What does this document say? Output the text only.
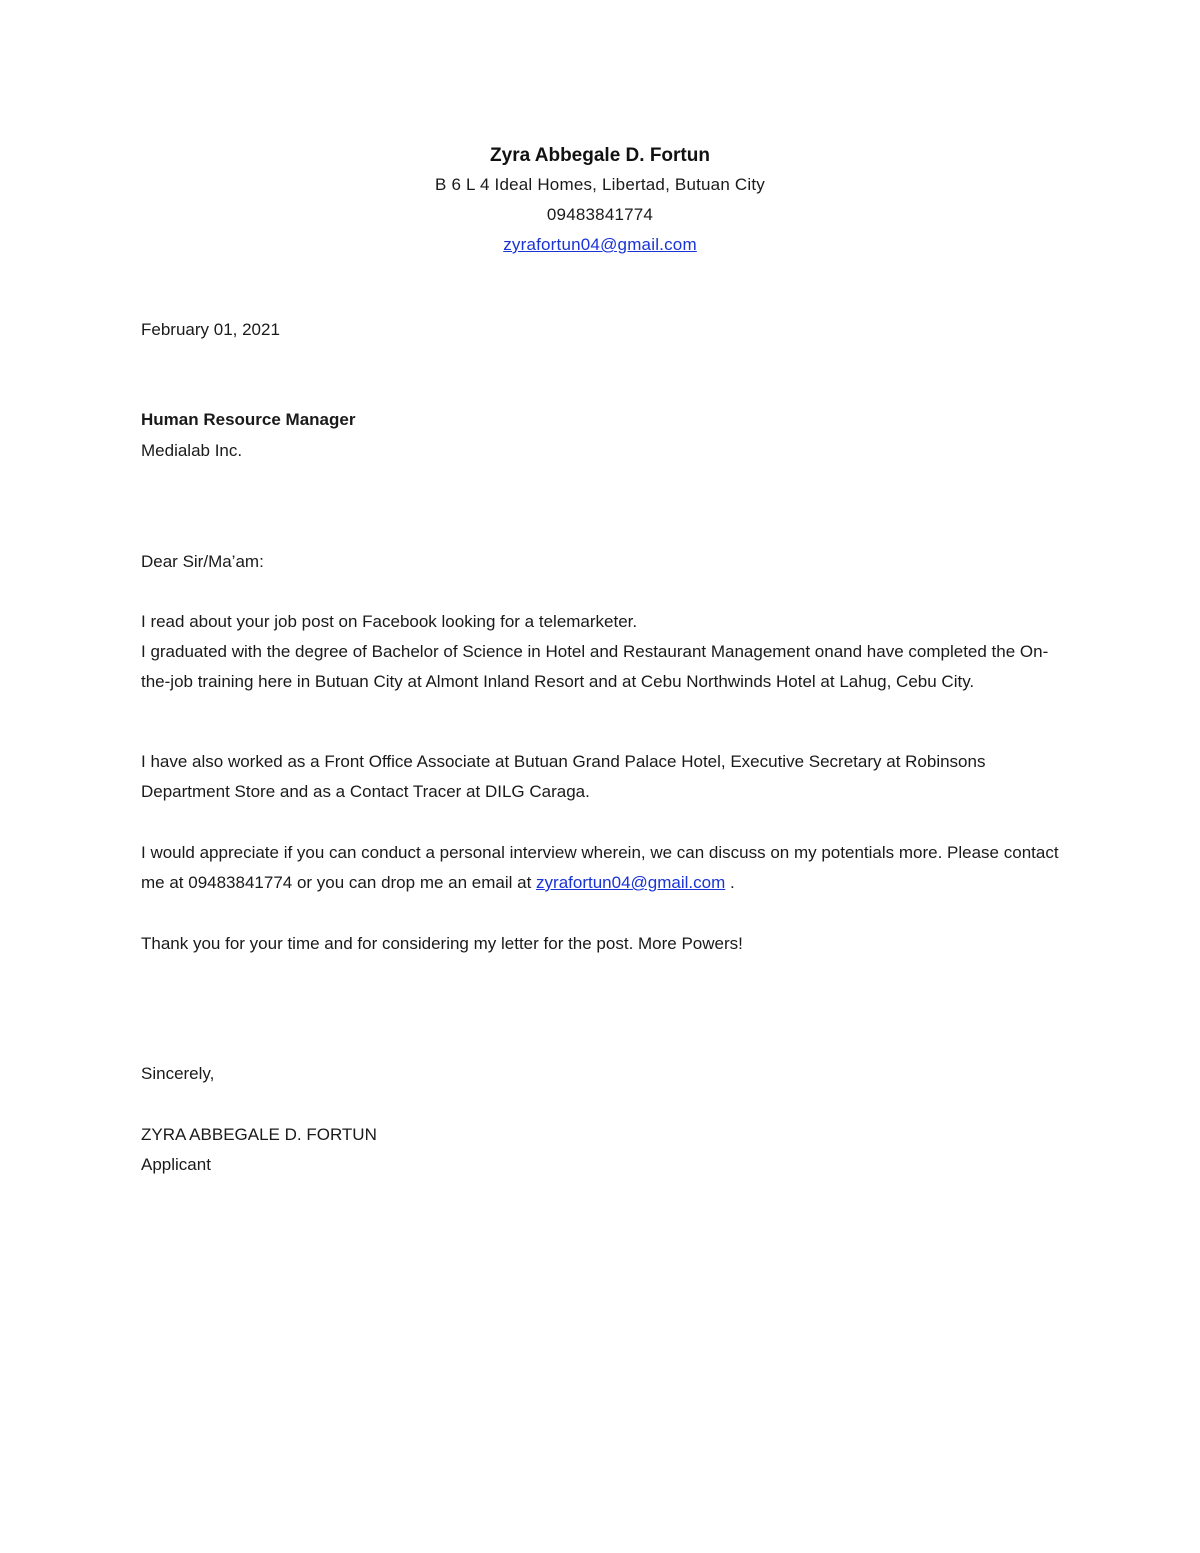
Zyra Abbegale D. Fortun

B 6 L 4 Ideal Homes, Libertad, Butuan City

09483841774

zyrafortun04@gmail.com

February 01, 2021

Human Resource Manager

Medialab Inc.

Dear Sir/Ma’am:

I read about your job post on Facebook looking for a telemarketer.
I graduated with the degree of Bachelor of Science in Hotel and Restaurant Management onand have completed the On-the-job training here in Butuan City at Almont Inland Resort and at Cebu Northwinds Hotel at Lahug, Cebu City.

I have also worked as a Front Office Associate at Butuan Grand Palace Hotel, Executive Secretary at Robinsons Department Store and as a Contact Tracer at DILG Caraga.

I would appreciate if you can conduct a personal interview wherein, we can discuss on my potentials more. Please contact me at 09483841774 or you can drop me an email at zyrafortun04@gmail.com .

Thank you for your time and for considering my letter for the post. More Powers!

Sincerely,

ZYRA ABBEGALE D. FORTUN

Applicant
